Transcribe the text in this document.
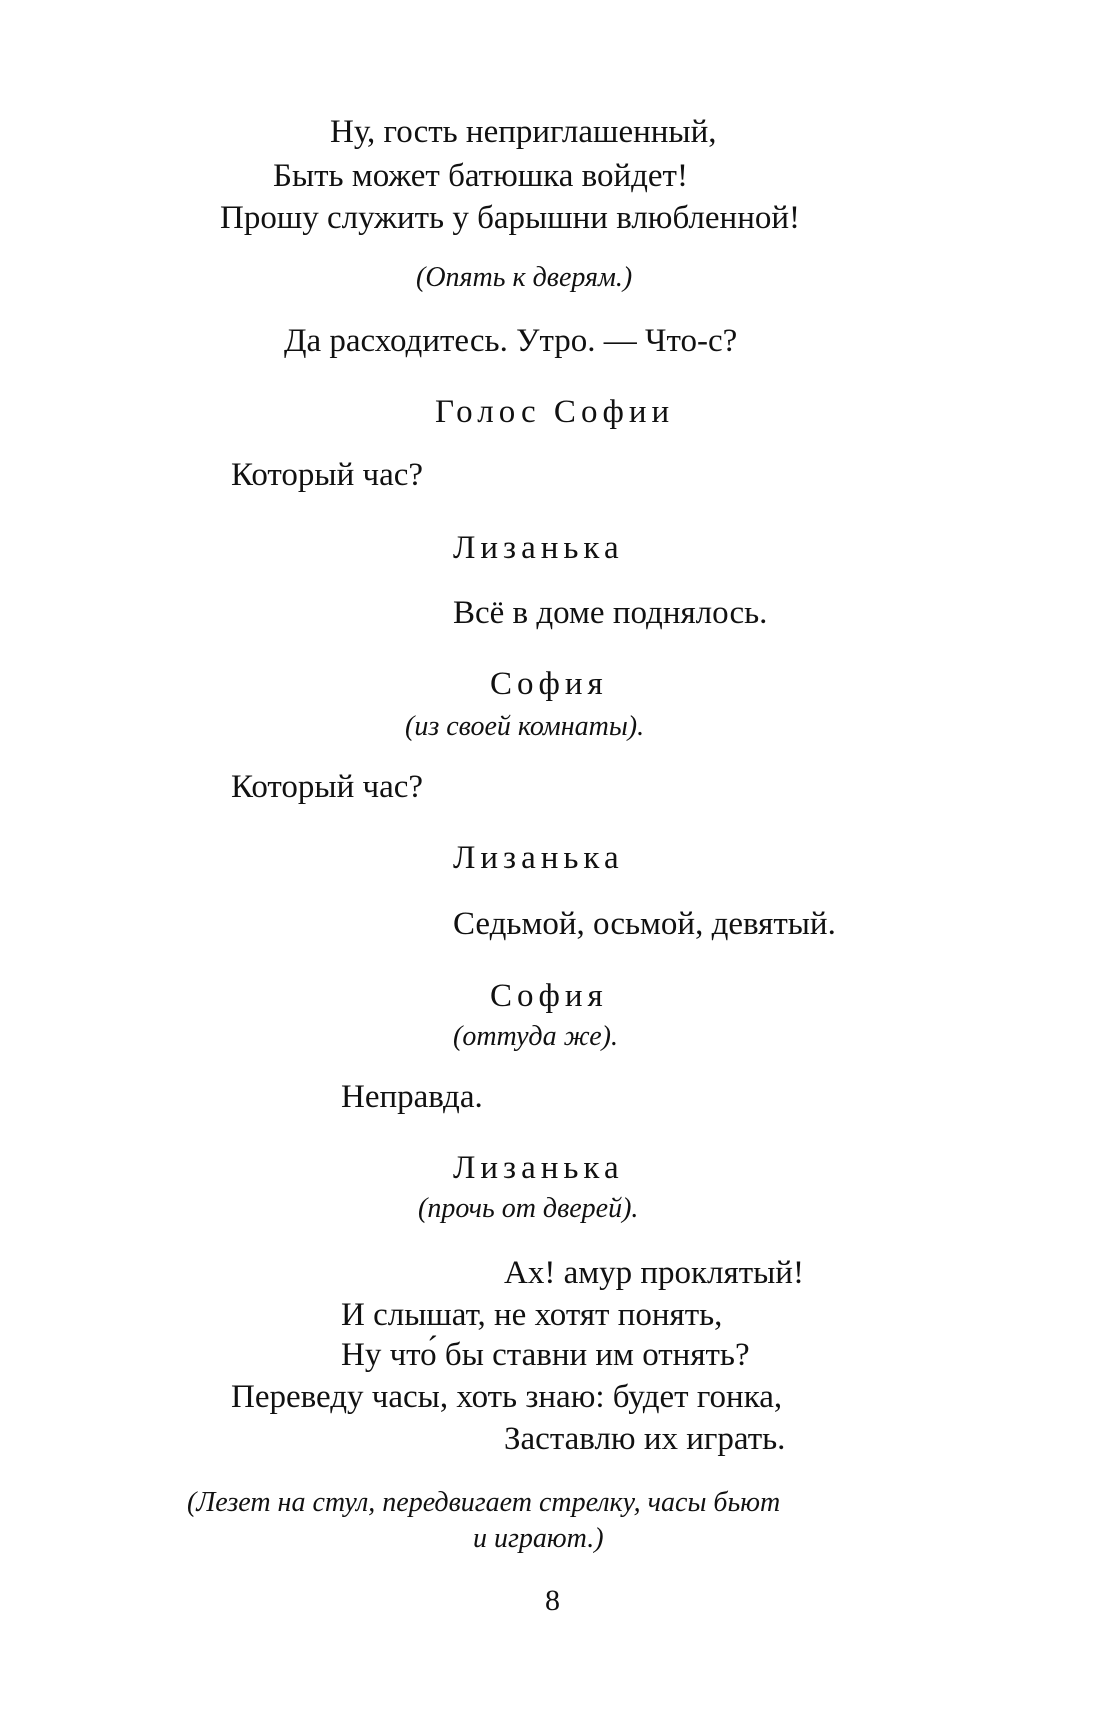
Ну, гость неприглашенный,
Быть может батюшка войдет!
Прошу служить у барышни влюбленной!
(Опять к дверям.)
Да расходитесь. Утро. — Что-с?
Голос Софии
Который час?
Лизанька
Всё в доме поднялось.
София
(из своей комнаты).
Который час?
Лизанька
Седьмой, осьмой, девятый.
София
(оттуда же).
Неправда.
Лизанька
(прочь от дверей).
Ах! амур проклятый!
И слышат, не хотят понять,
Ну что́ бы ставни им отнять?
Переведу часы, хоть знаю: будет гонка,
Заставлю их играть.
(Лезет на стул, передвигает стрелку, часы бьют
и играют.)
8
